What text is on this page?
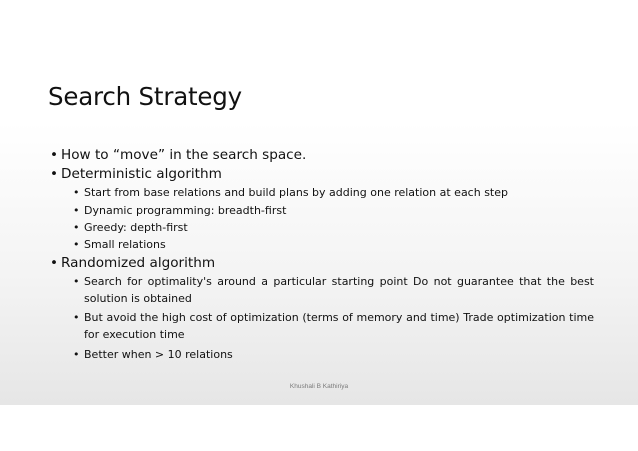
Search Strategy
• How to “move” in the search space.
• Deterministic algorithm
• Start from base relations and build plans by adding one relation at each step
• Dynamic programming: breadth-first
• Greedy: depth-first
• Small relations
• Randomized algorithm
• Search for optimality's around a particular starting point Do not guarantee that the best solution is obtained
• But avoid the high cost of optimization (terms of memory and time) Trade optimization time for execution time
• Better when > 10 relations
Khushali B Kathiriya
